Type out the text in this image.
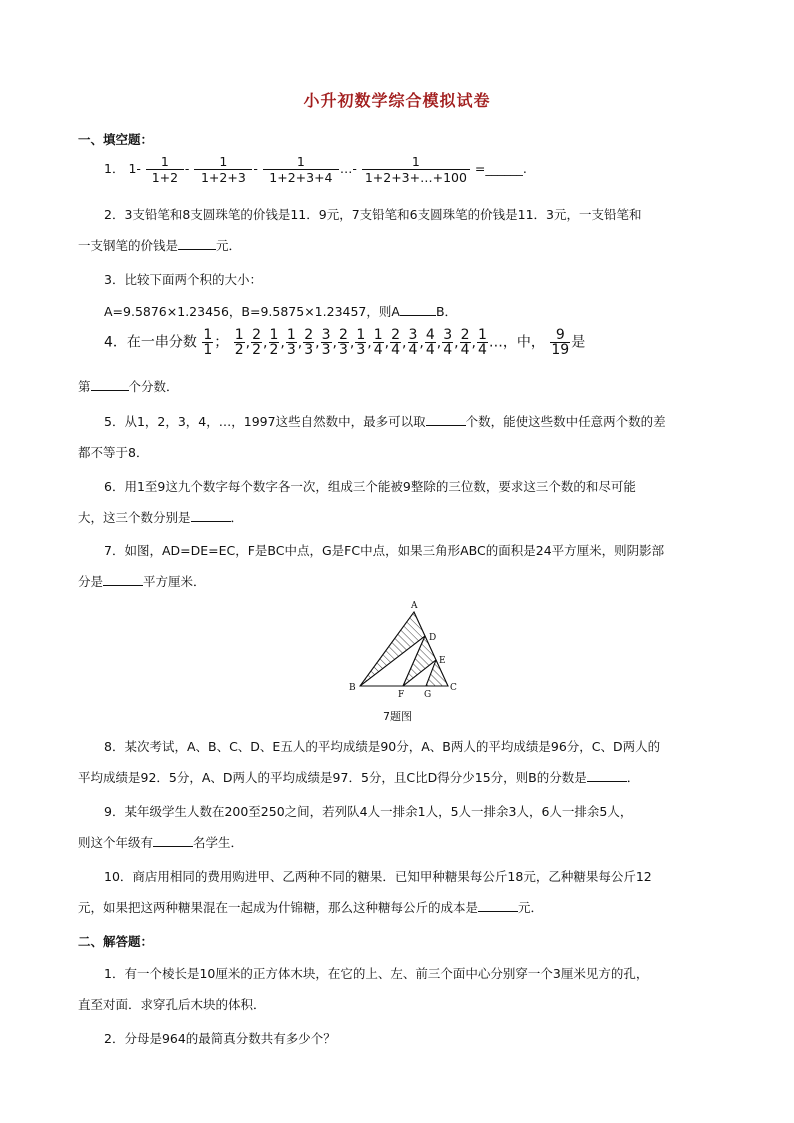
小升初数学综合模拟试卷
一、填空题：
1． $1- \frac{1}{1+2} - \frac{1}{1+2+3} - \frac{1}{1+2+3+4}$ …- $\frac{1}{1+2+3+\dots+100}$ =______.
2．3支铅笔和8支圆珠笔的价钱是11．9元，7支铅笔和6支圆珠笔的价钱是11．3元，一支铅笔和
一支钢笔的价钱是	元．
3．比较下面两个积的大小：
A=9.5876×1.23456，B=9.5875×1.23457，则A	B．
4．在一串分数 $\frac{1}{1}$ ； $\frac{1}{2}$ , $\frac{2}{2}$ , $\frac{1}{2}$ , $\frac{1}{3}$ , $\frac{2}{3}$ , $\frac{3}{3}$ , $\frac{2}{3}$ , $\frac{1}{3}$ , $\frac{1}{4}$ , $\frac{2}{4}$ , $\frac{3}{4}$ , $\frac{4}{4}$ , $\frac{3}{4}$ , $\frac{2}{4}$ , $\frac{1}{4}$ …，中， $\frac{9}{19}$ 是
第	个分数．
5．从1，2，3，4，…，1997这些自然数中，最多可以取	个数，能使这些数中任意两个数的差
都不等于8．
6．用1至9这九个数字每个数字各一次，组成三个能被9整除的三位数，要求这三个数的和尽可能
大，这三个数分别是	．
7．如图，AD=DE=EC，F是BC中点，G是FC中点，如果三角形ABC的面积是24平方厘米，则阴影部
分是	平方厘米．
A
B	C
D
E
F G
7题图
8．某次考试，A、B、C、D、E五人的平均成绩是90分，A、B两人的平均成绩是96分，C、D两人的
平均成绩是92．5分，A、D两人的平均成绩是97．5分，且C比D得分少15分，则B的分数是	．
9．某年级学生人数在200至250之间，若列队4人一排余1人，5人一排余3人，6人一排余5人，
则这个年级有	名学生．
10．商店用相同的费用购进甲、乙两种不同的糖果．已知甲种糖果每公斤18元，乙种糖果每公斤12
元，如果把这两种糖果混在一起成为什锦糖，那么这种糖每公斤的成本是	元．
二、解答题：
1．有一个棱长是10厘米的正方体木块，在它的上、左、前三个面中心分别穿一个3厘米见方的孔，
直至对面．求穿孔后木块的体积．
2．分母是964的最简真分数共有多少个？
